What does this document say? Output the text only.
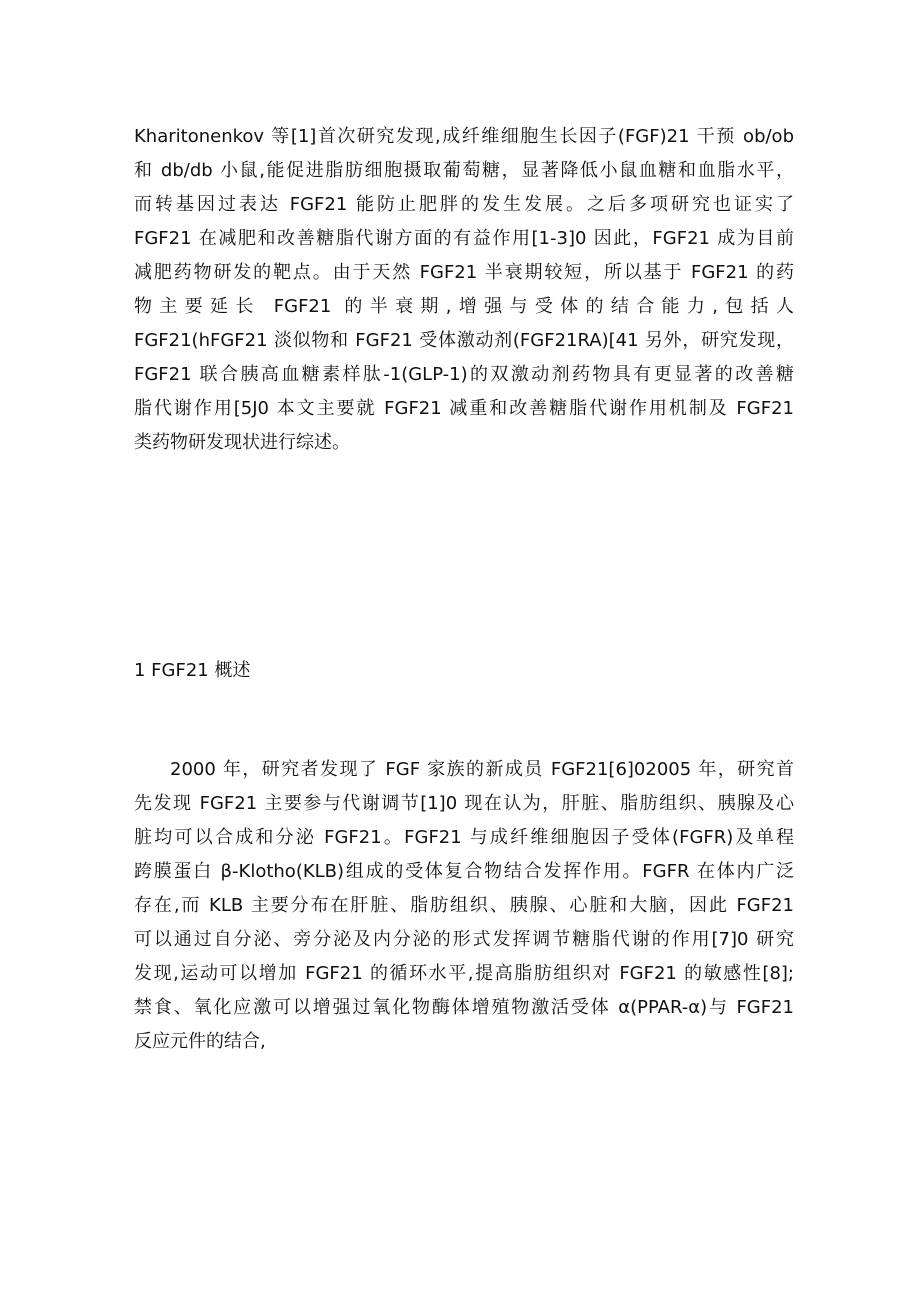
Kharitonenkov 等[1]首次研究发现,成纤维细胞生长因子(FGF)21 干预 ob/ob
和 db/db 小鼠,能促进脂肪细胞摄取葡萄糖，显著降低小鼠血糖和血脂水平，
而转基因过表达 FGF21 能防止肥胖的发生发展。之后多项研究也证实了
FGF21 在减肥和改善糖脂代谢方面的有益作用[1-3]0 因此，FGF21 成为目前
减肥药物研发的靶点。由于天然 FGF21 半衰期较短，所以基于 FGF21 的药
物主要延长 FGF21 的半衰期,增强与受体的结合能力,包括人
FGF21(hFGF21 淡似物和 FGF21 受体激动剂(FGF21RA)[41 另外，研究发现，
FGF21 联合胰高血糖素样肽-1(GLP-1)的双激动剂药物具有更显著的改善糖
脂代谢作用[5J0 本文主要就 FGF21 减重和改善糖脂代谢作用机制及 FGF21
类药物研发现状进行综述。
1 FGF21 概述
2000 年，研究者发现了 FGF 家族的新成员 FGF21[6]02005 年，研究首
先发现 FGF21 主要参与代谢调节[1]0 现在认为，肝脏、脂肪组织、胰腺及心
脏均可以合成和分泌 FGF21。FGF21 与成纤维细胞因子受体(FGFR)及单程
跨膜蛋白 β-Klotho(KLB)组成的受体复合物结合发挥作用。FGFR 在体内广泛
存在,而 KLB 主要分布在肝脏、脂肪组织、胰腺、心脏和大脑，因此 FGF21
可以通过自分泌、旁分泌及内分泌的形式发挥调节糖脂代谢的作用[7]0 研究
发现,运动可以增加 FGF21 的循环水平,提高脂肪组织对 FGF21 的敏感性[8];
禁食、氧化应激可以增强过氧化物酶体增殖物激活受体 α(PPAR-α)与 FGF21
反应元件的结合,
